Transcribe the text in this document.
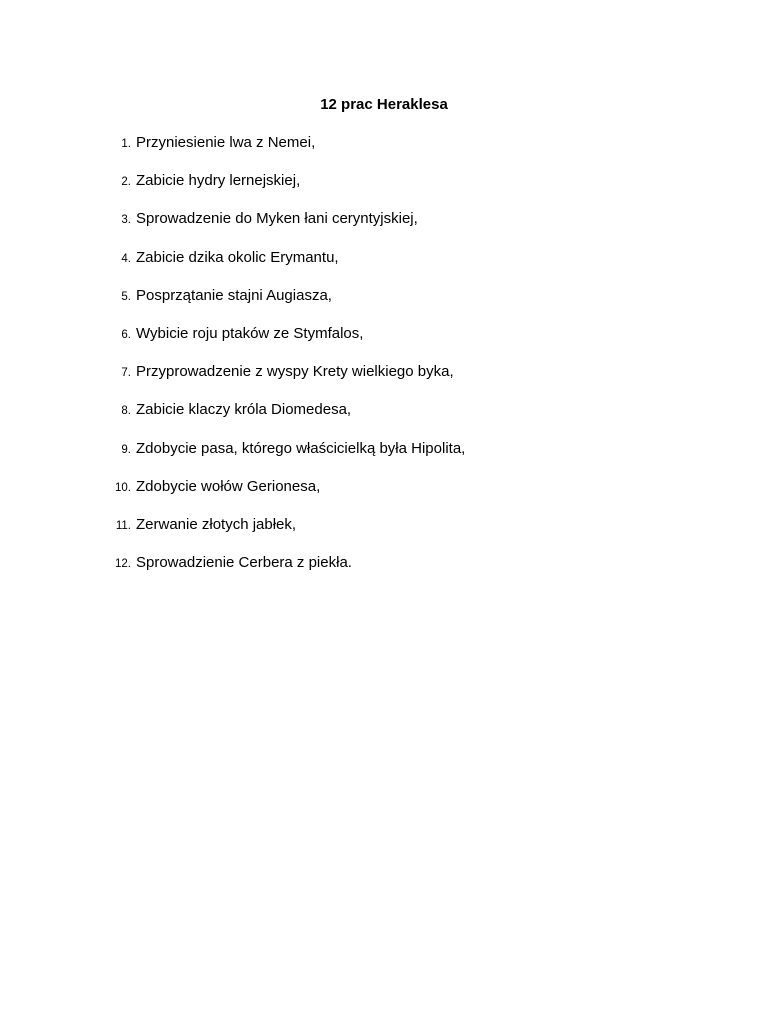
12 prac Heraklesa
1. Przyniesienie lwa z Nemei,
2. Zabicie hydry lernejskiej,
3. Sprowadzenie do Myken łani ceryntyjskiej,
4. Zabicie dzika okolic Erymantu,
5. Posprzątanie stajni Augiasza,
6. Wybicie roju ptaków ze Stymfalos,
7. Przyprowadzenie z wyspy Krety wielkiego byka,
8. Zabicie klaczy króla Diomedesa,
9. Zdobycie pasa, którego właścicielką była Hipolita,
10. Zdobycie wołów Gerionesa,
11. Zerwanie złotych jabłek,
12. Sprowadzienie Cerbera z piekła.
